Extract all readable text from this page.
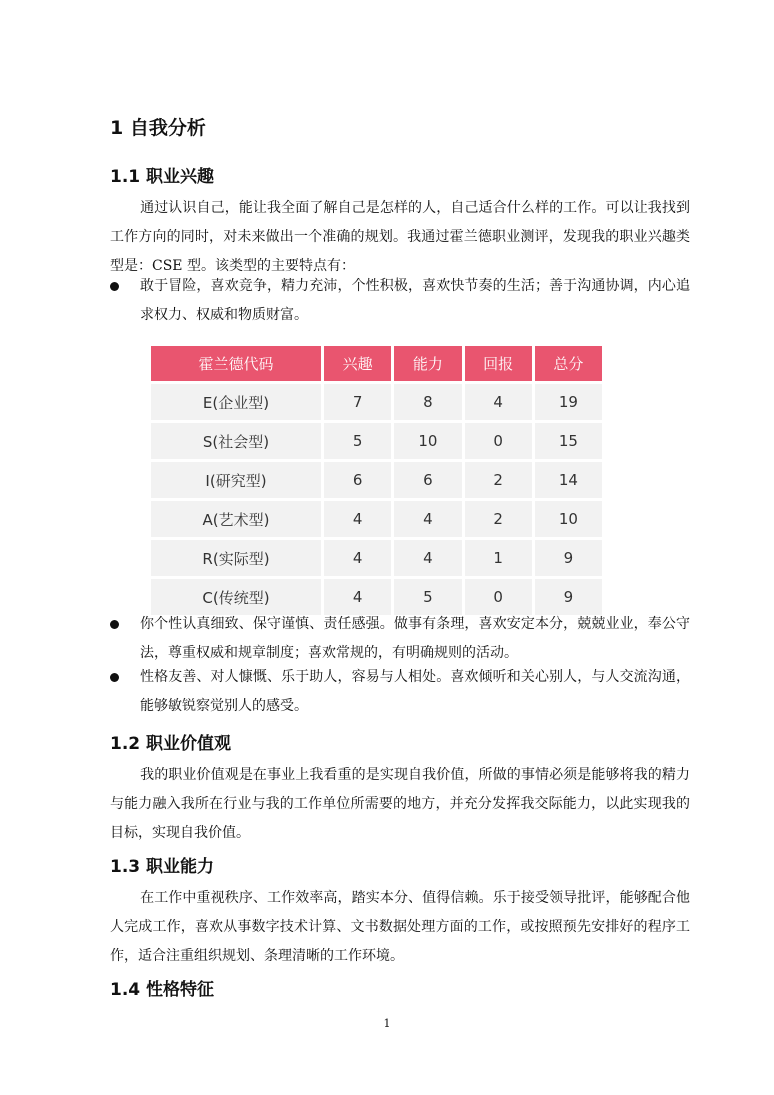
1 自我分析
1.1 职业兴趣
通过认识自己，能让我全面了解自己是怎样的人，自己适合什么样的工作。可以让我找到工作方向的同时，对未来做出一个准确的规划。我通过霍兰德职业测评，发现我的职业兴趣类型是：CSE 型。该类型的主要特点有：
敢于冒险，喜欢竞争，精力充沛，个性积极，喜欢快节奏的生活；善于沟通协调，内心追求权力、权威和物质财富。
霍兰德代码	兴趣	能力	回报	总分
E(企业型)	7	8	4	19
S(社会型)	5	10	0	15
I(研究型)	6	6	2	14
A(艺术型)	4	4	2	10
R(实际型)	4	4	1	9
C(传统型)	4	5	0	9
你个性认真细致、保守谨慎、责任感强。做事有条理，喜欢安定本分，兢兢业业，奉公守法，尊重权威和规章制度；喜欢常规的，有明确规则的活动。
性格友善、对人慷慨、乐于助人，容易与人相处。喜欢倾听和关心别人，与人交流沟通，能够敏锐察觉别人的感受。
1.2 职业价值观
我的职业价值观是在事业上我看重的是实现自我价值，所做的事情必须是能够将我的精力与能力融入我所在行业与我的工作单位所需要的地方，并充分发挥我交际能力，以此实现我的目标，实现自我价值。
1.3 职业能力
在工作中重视秩序、工作效率高，踏实本分、值得信赖。乐于接受领导批评，能够配合他人完成工作，喜欢从事数字技术计算、文书数据处理方面的工作，或按照预先安排好的程序工作，适合注重组织规划、条理清晰的工作环境。
1.4 性格特征
1
